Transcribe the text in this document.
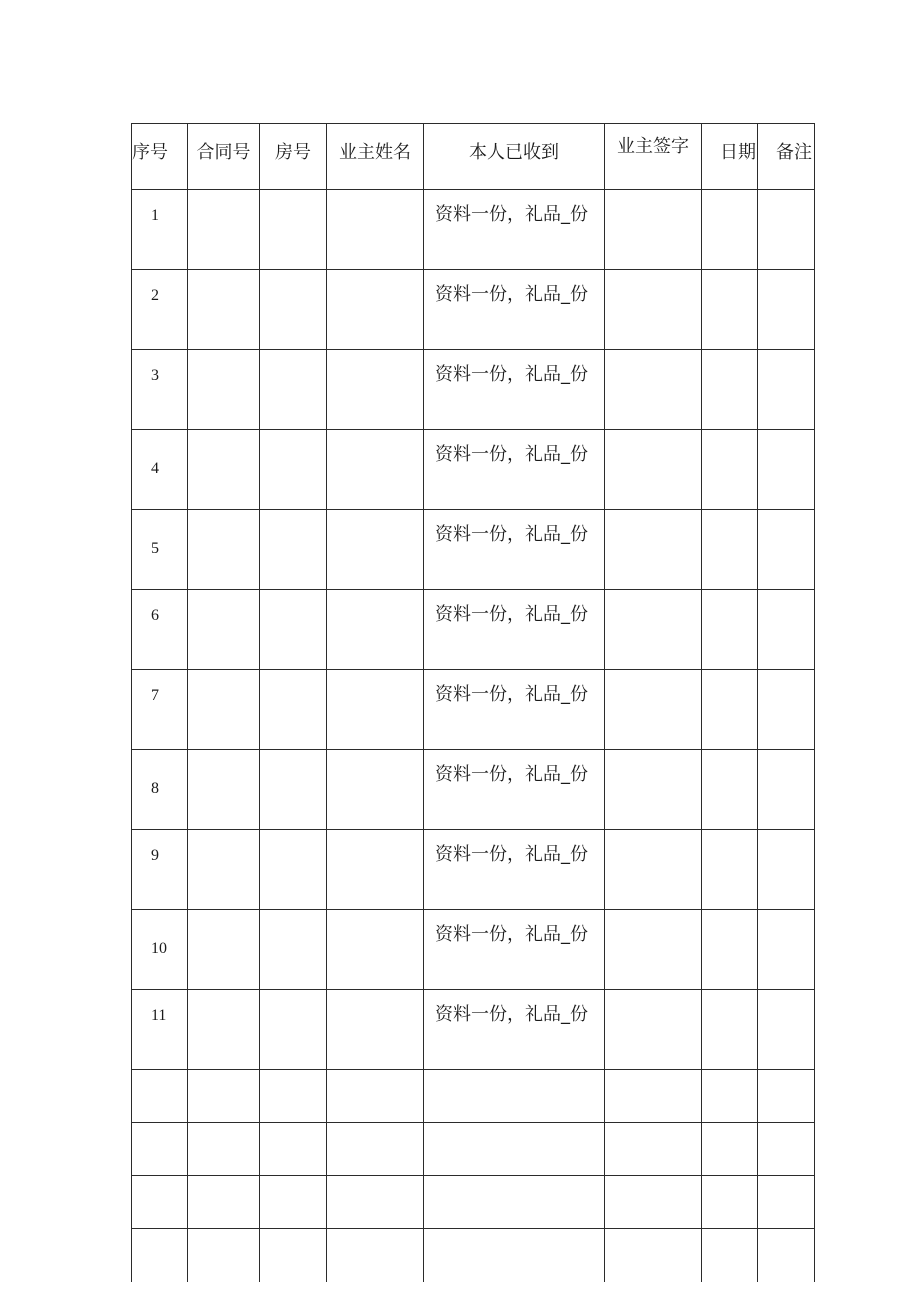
序号	合同号	房号	业主姓名	本人已收到	业主签字	日期	备注

1				资料一份，礼品_份			

2				资料一份，礼品_份			

3				资料一份，礼品_份			

4				资料一份，礼品_份			

5				资料一份，礼品_份			

6				资料一份，礼品_份			

7				资料一份，礼品_份			

8				资料一份，礼品_份			

9				资料一份，礼品_份			

10				资料一份，礼品_份			

11				资料一份，礼品_份			
